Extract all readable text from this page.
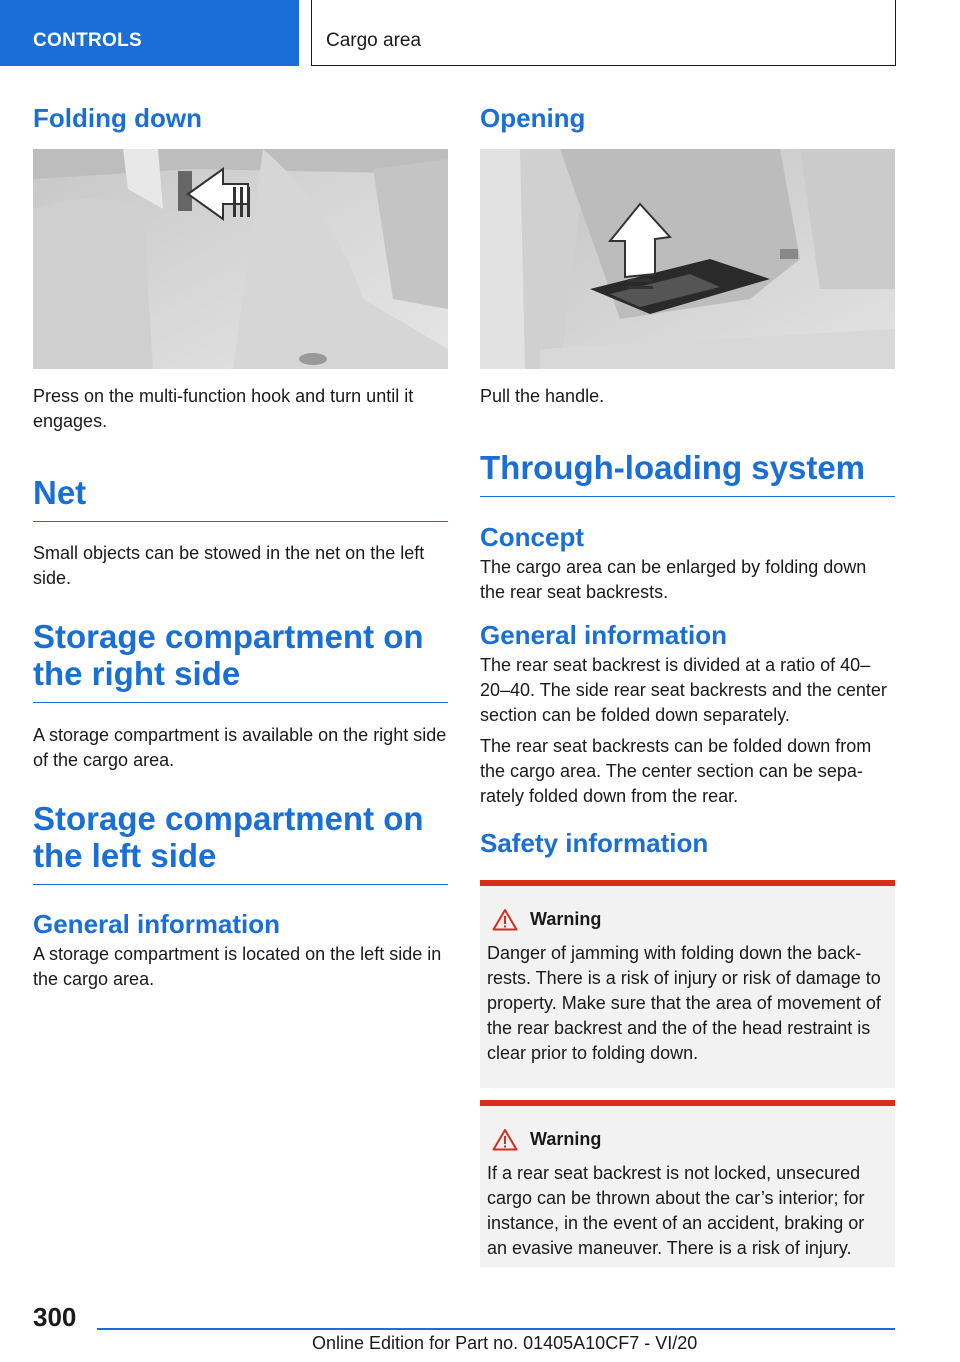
CONTROLS	Cargo area
Folding down

Press on the multi-function hook and turn until it engages.

Net

Small objects can be stowed in the net on the left side.

Storage compartment on the right side

A storage compartment is available on the right side of the cargo area.

Storage compartment on the left side
General information

A storage compartment is located on the left side in the cargo area.

Opening

Pull the handle.

Through-loading system
Concept

The cargo area can be enlarged by folding down the rear seat backrests.

General information

The rear seat backrest is divided at a ratio of 40–20–40. The side rear seat backrests and the center section can be folded down separately.

The rear seat backrests can be folded down from the cargo area. The center section can be separately folded down from the rear.

Safety information
Warning

Danger of jamming with folding down the backrests. There is a risk of injury or risk of damage to property. Make sure that the area of movement of the rear backrest and the of the head restraint is clear prior to folding down.

Warning

If a rear seat backrest is not locked, unsecured cargo can be thrown about the car’s interior; for instance, in the event of an accident, braking or an evasive maneuver. There is a risk of injury.

300
Online Edition for Part no. 01405A10CF7 - VI/20
